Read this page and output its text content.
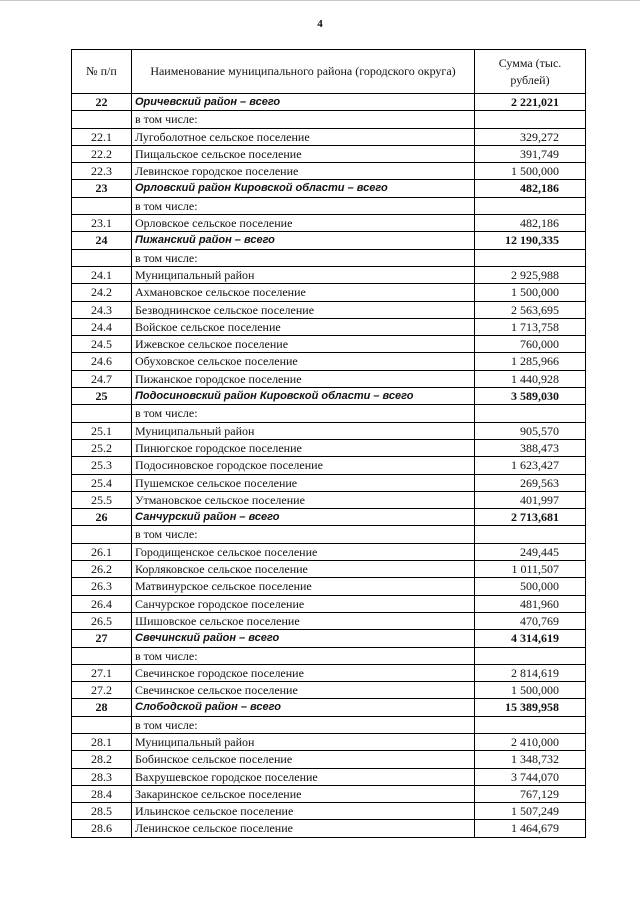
4
№ п/п	Наименование муниципального района (городского округа)	Сумма (тыс. рублей)
22	Оричевский район – всего	2 221,021
	в том числе:	
22.1	Лугоболотное сельское поселение	329,272
22.2	Пищальское сельское поселение	391,749
22.3	Левинское городское поселение	1 500,000
23	Орловский район Кировской области – всего	482,186
	в том числе:	
23.1	Орловское сельское поселение	482,186
24	Пижанский район – всего	12 190,335
	в том числе:	
24.1	Муниципальный район	2 925,988
24.2	Ахмановское сельское поселение	1 500,000
24.3	Безводнинское сельское поселение	2 563,695
24.4	Войское сельское поселение	1 713,758
24.5	Ижевское сельское поселение	760,000
24.6	Обуховское сельское поселение	1 285,966
24.7	Пижанское городское поселение	1 440,928
25	Подосиновский район Кировской области – всего	3 589,030
	в том числе:	
25.1	Муниципальный район	905,570
25.2	Пинюгское городское поселение	388,473
25.3	Подосиновское городское поселение	1 623,427
25.4	Пушемское сельское поселение	269,563
25.5	Утмановское сельское поселение	401,997
26	Санчурский район – всего	2 713,681
	в том числе:	
26.1	Городищенское сельское поселение	249,445
26.2	Корляковское сельское поселение	1 011,507
26.3	Матвинурское сельское поселение	500,000
26.4	Санчурское городское поселение	481,960
26.5	Шишовское сельское поселение	470,769
27	Свечинский район – всего	4 314,619
	в том числе:	
27.1	Свечинское городское поселение	2 814,619
27.2	Свечинское сельское поселение	1 500,000
28	Слободской район – всего	15 389,958
	в том числе:	
28.1	Муниципальный район	2 410,000
28.2	Бобинское сельское поселение	1 348,732
28.3	Вахрушевское городское поселение	3 744,070
28.4	Закаринское сельское поселение	767,129
28.5	Ильинское сельское поселение	1 507,249
28.6	Ленинское сельское поселение	1 464,679
